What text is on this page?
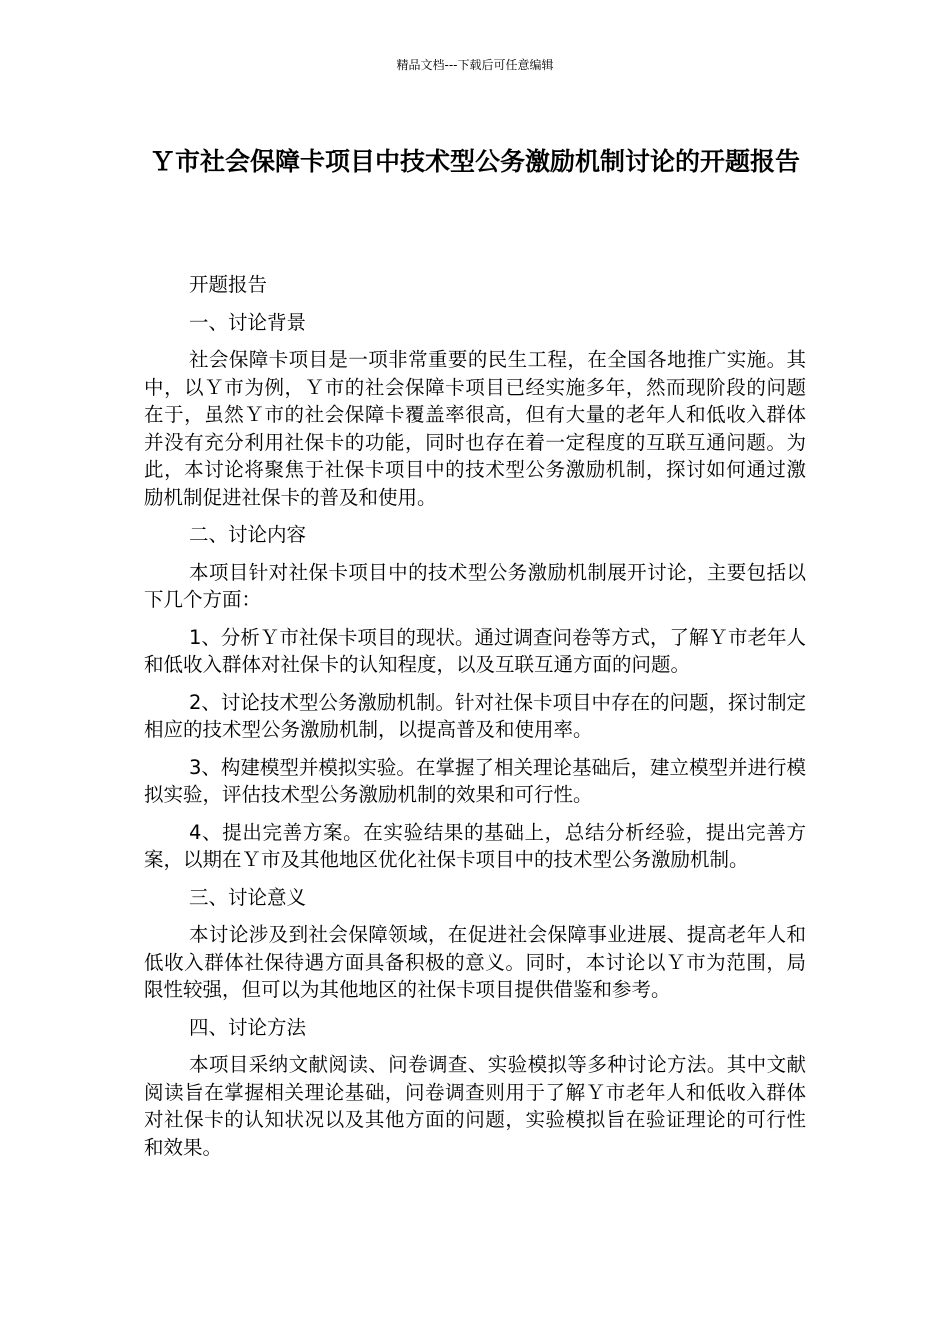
精品文档---下载后可任意编辑
Ｙ市社会保障卡项目中技术型公务激励机制讨论的开题报告

开题报告

一、讨论背景

社会保障卡项目是一项非常重要的民生工程，在全国各地推广实施。其中，以Ｙ市为例，Ｙ市的社会保障卡项目已经实施多年，然而现阶段的问题在于，虽然Ｙ市的社会保障卡覆盖率很高，但有大量的老年人和低收入群体并没有充分利用社保卡的功能，同时也存在着一定程度的互联互通问题。为此，本讨论将聚焦于社保卡项目中的技术型公务激励机制，探讨如何通过激励机制促进社保卡的普及和使用。

二、讨论内容

本项目针对社保卡项目中的技术型公务激励机制展开讨论，主要包括以下几个方面：

1、分析Ｙ市社保卡项目的现状。通过调查问卷等方式，了解Ｙ市老年人和低收入群体对社保卡的认知程度，以及互联互通方面的问题。

2、讨论技术型公务激励机制。针对社保卡项目中存在的问题，探讨制定相应的技术型公务激励机制，以提高普及和使用率。

3、构建模型并模拟实验。在掌握了相关理论基础后，建立模型并进行模拟实验，评估技术型公务激励机制的效果和可行性。

4、提出完善方案。在实验结果的基础上，总结分析经验，提出完善方案，以期在Ｙ市及其他地区优化社保卡项目中的技术型公务激励机制。

三、讨论意义

本讨论涉及到社会保障领域，在促进社会保障事业进展、提高老年人和低收入群体社保待遇方面具备积极的意义。同时，本讨论以Ｙ市为范围，局限性较强，但可以为其他地区的社保卡项目提供借鉴和参考。

四、讨论方法

本项目采纳文献阅读、问卷调查、实验模拟等多种讨论方法。其中文献阅读旨在掌握相关理论基础，问卷调查则用于了解Ｙ市老年人和低收入群体对社保卡的认知状况以及其他方面的问题，实验模拟旨在验证理论的可行性和效果。
